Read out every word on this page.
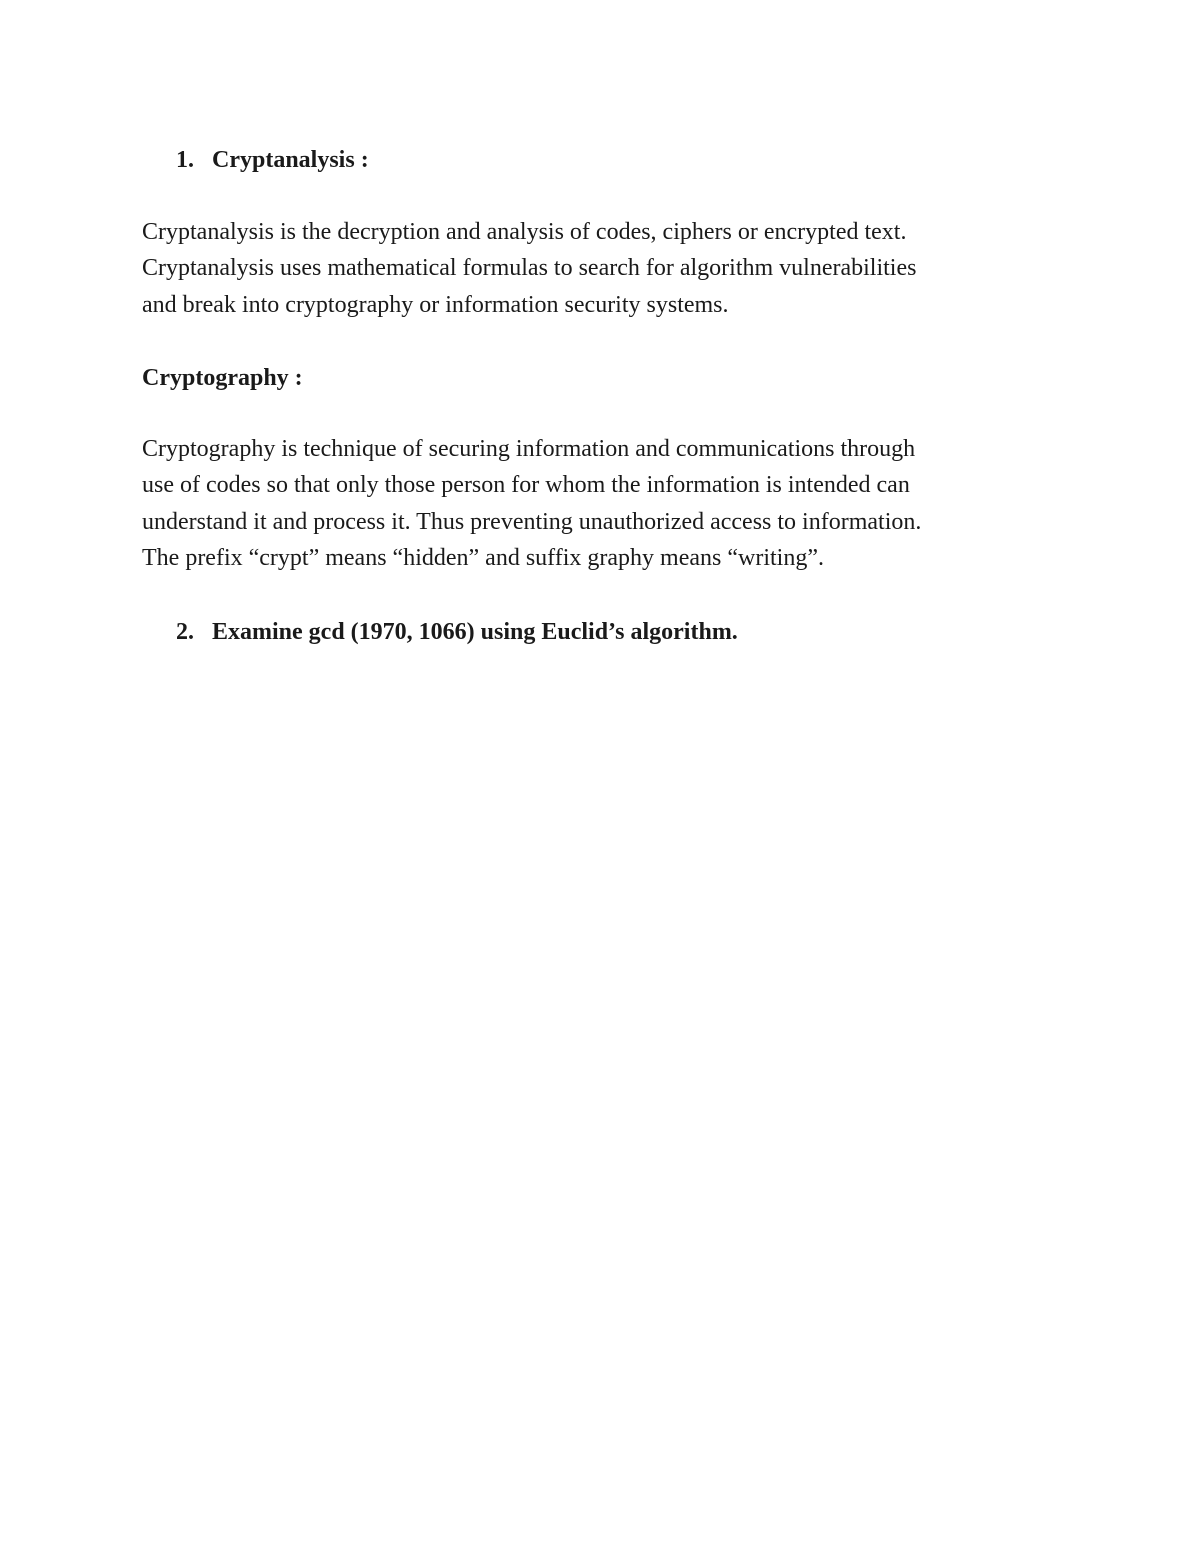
1. Cryptanalysis :
Cryptanalysis is the decryption and analysis of codes, ciphers or encrypted text.
Cryptanalysis uses mathematical formulas to search for algorithm vulnerabilities
and break into cryptography or information security systems.
Cryptography :
Cryptography is technique of securing information and communications through
use of codes so that only those person for whom the information is intended can
understand it and process it. Thus preventing unauthorized access to information.
The prefix “crypt” means “hidden” and suffix graphy means “writing”.
2. Examine gcd (1970, 1066) using Euclid’s algorithm.
